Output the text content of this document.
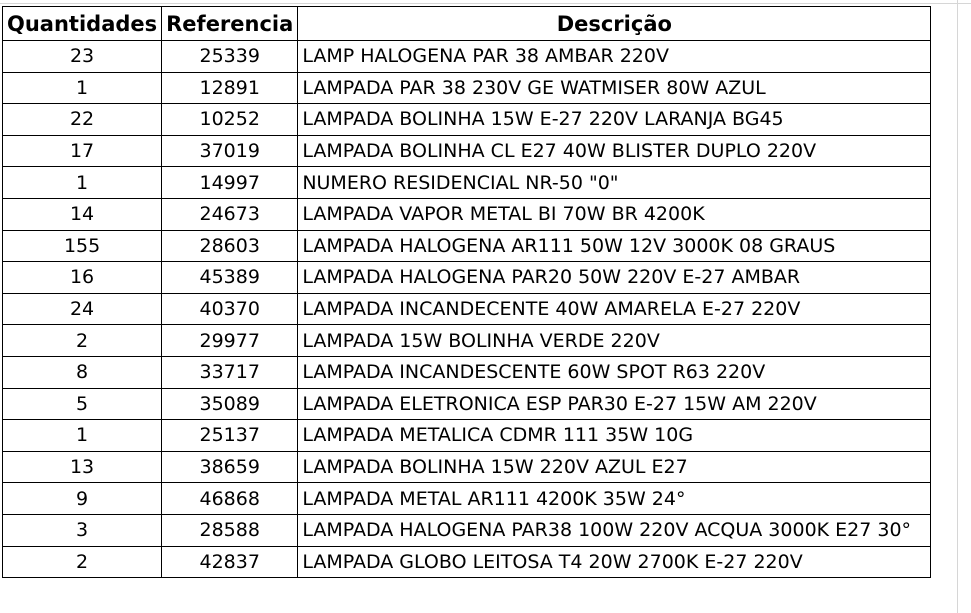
Quantidades	Referencia	Descrição
23	25339	LAMP HALOGENA PAR 38 AMBAR 220V
1	12891	LAMPADA PAR 38 230V GE WATMISER 80W AZUL
22	10252	LAMPADA BOLINHA 15W E-27 220V LARANJA BG45
17	37019	LAMPADA BOLINHA CL E27 40W BLISTER DUPLO 220V
1	14997	NUMERO RESIDENCIAL NR-50 "0"
14	24673	LAMPADA VAPOR METAL BI 70W BR 4200K
155	28603	LAMPADA HALOGENA AR111 50W 12V 3000K 08 GRAUS
16	45389	LAMPADA HALOGENA PAR20 50W 220V E-27 AMBAR
24	40370	LAMPADA INCANDECENTE 40W AMARELA E-27 220V
2	29977	LAMPADA 15W BOLINHA VERDE 220V
8	33717	LAMPADA INCANDESCENTE 60W SPOT R63 220V
5	35089	LAMPADA ELETRONICA ESP PAR30 E-27 15W AM 220V
1	25137	LAMPADA METALICA CDMR 111 35W 10G
13	38659	LAMPADA BOLINHA 15W 220V AZUL E27
9	46868	LAMPADA METAL AR111 4200K 35W 24°
3	28588	LAMPADA HALOGENA PAR38 100W 220V ACQUA 3000K E27 30°
2	42837	LAMPADA GLOBO LEITOSA T4 20W 2700K E-27 220V
